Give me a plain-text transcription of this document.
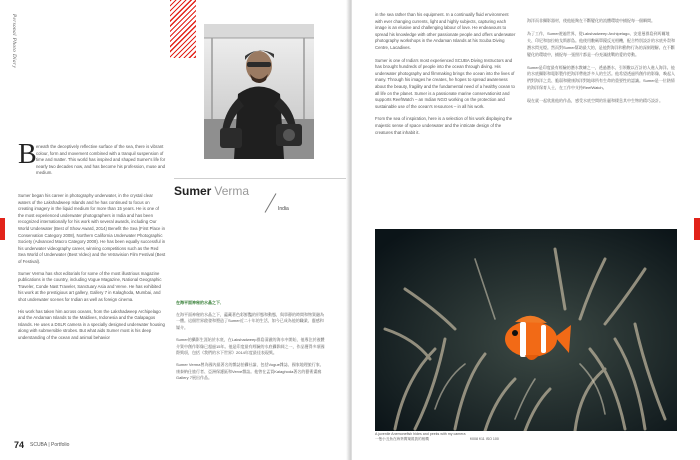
Personal Photo Diary
Sumer Verma
India
B eneath the deceptively reflective surface of the sea, there is vibrant colour, form and movement combined with a tranquil suspension of time and matter. This world has inspired and shaped Sumer's life for nearly two decades now, and has become his profession, muse and medium.

Sumer began his career in photography underwater, in the crystal clear waters of the Lakshadweep Islands and he has continued to focus on creating imagery in the liquid medium for more than 15 years. He is one of the most experienced underwater photographers in India and has been recognized internationally for his work with several awards, including Our World Underwater (Best of Show Award, 2014) Benefit the Sea (First Place in Conservation Category 2008), Northern California Underwater Photographic Society (Advanced Macro Category 2008). He has been equally successful in his underwater videography career, winning competitions such as the Red Sea World of Underwater (Best Video) and the Vetravision Film Festival (Best of Festival).

Sumer Verma has shot editorials for some of the most illustrious magazine publications in the country, including Vogue Magazine, National Geographic Traveler, Conde Nast Traveler, Sanctuary Asia and Verve. He has exhibited his work at the prestigious art gallery, Gallery 7 in Kalaghoda, Mumbai, and shot underwater scenes for Indian as well as foreign cinema.

His work has taken him across oceans, from the Lakshadweep Archipelago and the Andaman Islands to the Maldives, Indonesia and the Galapagos Islands. He uses a DSLR camera in a specially designed underwater housing along with submersible strobes. But what aids Sumer most is his deep understanding of the ocean and animal behavior

在海平面神秘的水晶之下,

在海平面神秘的水晶之下，蘊藏著色彩鮮豔的形態和動態，與寧靜的時間和物質融為一體。這個世界啟發和塑造了Sumer近二十年的生活，如今已成為他的職業、靈感和媒介。

Sumer的攝影生涯始於水底，在Lakshadweep群島清澈的海水中開始，他專注於液體介質中創作影像已超過15年。他是印度最有經驗的水底攝影師之一，作品獲得多項國際獎項，包括《我們的水下世界》2014年度最佳表現獎。

Sumer Verma曾為國內最著名的雜誌拍攝社論，包括Vogue雜誌、國家地理旅行家、康泰納仕旅行者、亞洲保護區和Verve雜誌。他曾在孟買Kalaghoda著名的藝術畫廊Gallery 7展出作品。

74 SCUBA | Portfolio

in the sea rather than his equipment. In a continually fluid environment with ever changing currents, light and highly subjects, capturing each image is an elusive and challenging labour of love. He endeavours to spread his knowledge with other passionate people and offers underwater photography workshops in the Andaman Islands at his Scuba Diving Centre, Lacadives.

Sumer is one of India's most experienced SCUBA Diving Instructors and has brought hundreds of people into the ocean through diving. His underwater photography and filmmaking brings the ocean into the lives of many. Through his images he creates, he hopes to spread awareness about the beauty, fragility and the fundamental need of a healthy ocean to all life on the planet. Sumer is a passionate marine conservationist and supports ReefWatch – an Indian NGO working on the protection and sustainable use of the ocean's resources – in all his work.

From the sea of inspiration, here is a selection of his work displaying the majestic sense of space underwater and the intricate design of the creatures that inhabit it.

海洋而非攝影器材，使他能夠在不斷變化的流體環境中捕捉每一個瞬間。

為了工作，Sumer遊遍世界，從Lakshadweep Archipelago、安達曼群島到馬爾地夫、印尼和加拉帕戈斯群島。他使用數碼單鏡反光相機，配合特別設計的水底外殼和潛水閃光燈。然而對Sumer幫助最大的，是他對海洋和動物行為的深刻理解。在不斷變化的環境中，捕捉每一張照片都是一份充滿挑戰的愛的勞動。

Sumer是印度最有經驗的潛水教練之一，透過潛水，引領數以百計的人進入海洋。他的水底攝影和電影製作把海洋帶進許多人的生活。他希望透過所創作的影像，喚起人們對海洋之美、脆弱和健康海洋對地球所有生命的重要性的認識。Sumer是一位熱情的海洋保育人士，在工作中支持ReefWatch。

現在就一起欣賞他的作品，感受水底空間的壯麗和棲息其中生物的精巧設計。

A juvenile Anemonefish hides and peeks with my camera
一隻小丑魚在海葵間窺視我的相機	f/008 f/11 ISO 100
